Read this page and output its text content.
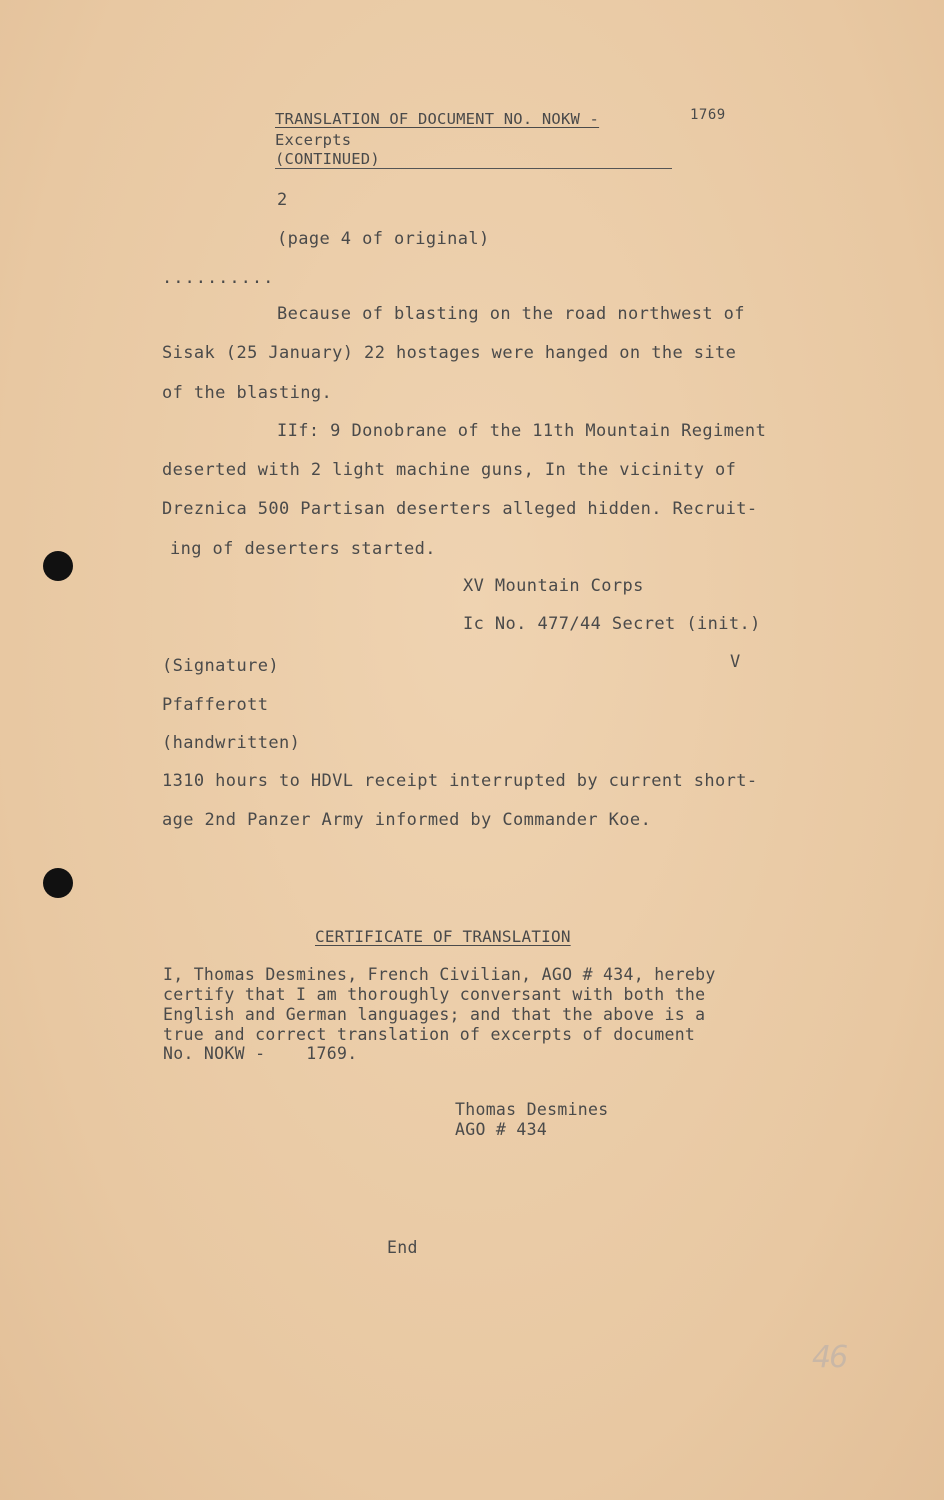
TRANSLATION OF DOCUMENT NO. NOKW -	1769
Excerpts
(CONTINUED)
2
(page 4 of original)
..........
Because of blasting on the road northwest of
Sisak (25 January) 22 hostages were hanged on the site
of the blasting.
IIf: 9 Donobrane of the 11th Mountain Regiment
deserted with 2 light machine guns, In the vicinity of
Dreznica 500 Partisan deserters alleged hidden. Recruit-
ing of deserters started.
XV Mountain Corps
Ic No. 477/44 Secret (init.)
V
(Signature)
Pfafferott
(handwritten)
1310 hours to HDVL receipt interrupted by current short-
age 2nd Panzer Army informed by Commander Koe.
CERTIFICATE OF TRANSLATION
I, Thomas Desmines, French Civilian, AGO # 434, hereby
certify that I am thoroughly conversant with both the
English and German languages; and that the above is a
true and correct translation of excerpts of document
No. NOKW -    1769.
Thomas Desmines
AGO # 434
End
46
